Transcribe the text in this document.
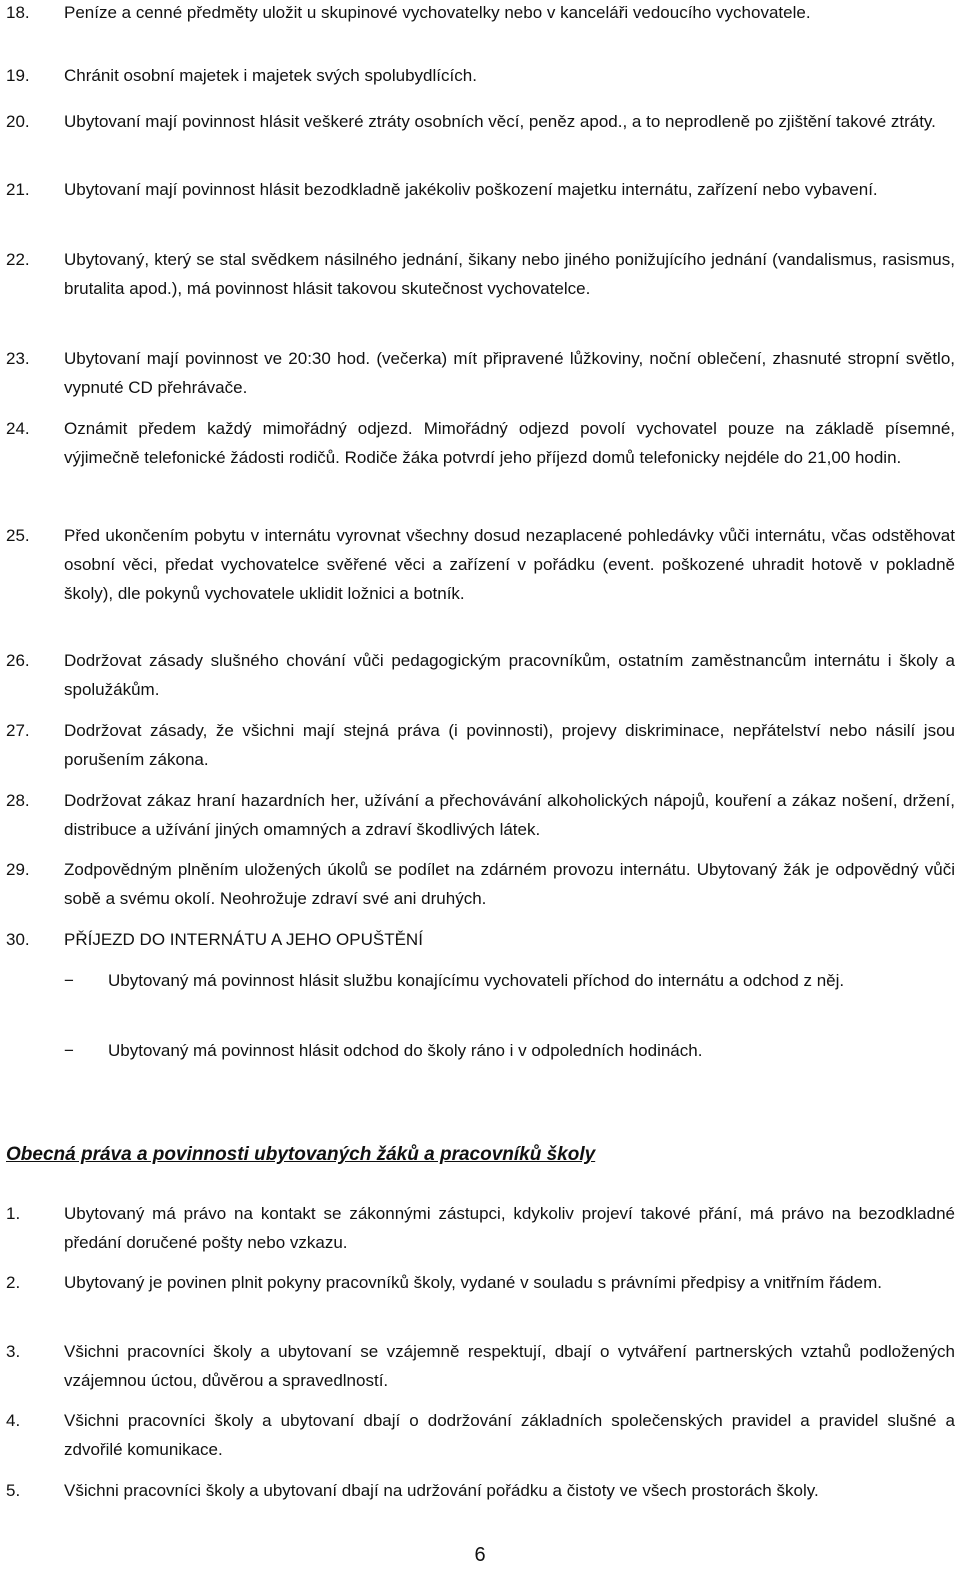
18.	Peníze a cenné předměty uložit u skupinové vychovatelky nebo v kanceláři vedoucího vychovatele.
19.	Chránit osobní majetek i majetek svých spolubydlících.
20.	Ubytovaní mají povinnost hlásit veškeré ztráty osobních věcí, peněz apod., a to neprodleně po zjištění takové ztráty.
21.	Ubytovaní mají povinnost hlásit bezodkladně jakékoliv poškození majetku internátu, zařízení nebo vybavení.
22.	Ubytovaný, který se stal svědkem násilného jednání, šikany nebo jiného ponižujícího jednání (vandalismus, rasismus, brutalita apod.), má povinnost hlásit takovou skutečnost vychovatelce.
23.	Ubytovaní mají povinnost ve 20:30 hod. (večerka) mít připravené lůžkoviny, noční oblečení, zhasnuté stropní světlo, vypnuté CD přehrávače.
24.	Oznámit předem každý mimořádný odjezd. Mimořádný odjezd povolí vychovatel pouze na základě písemné, výjimečně telefonické žádosti rodičů. Rodiče žáka potvrdí jeho příjezd domů telefonicky nejdéle do 21,00 hodin.
25.	Před ukončením pobytu v internátu vyrovnat všechny dosud nezaplacené pohledávky vůči internátu, včas odstěhovat osobní věci, předat vychovatelce svěřené věci a zařízení v pořádku (event. poškozené uhradit hotově v pokladně školy), dle pokynů vychovatele uklidit ložnici a botník.
26.	Dodržovat zásady slušného chování vůči pedagogickým pracovníkům, ostatním zaměstnancům internátu i školy a spolužákům.
27.	Dodržovat zásady, že všichni mají stejná práva (i povinnosti), projevy diskriminace, nepřátelství nebo násilí jsou porušením zákona.
28.	Dodržovat zákaz hraní hazardních her, užívání a přechovávání alkoholických nápojů, kouření a zákaz nošení, držení, distribuce a užívání jiných omamných a zdraví škodlivých látek.
29.	Zodpovědným plněním uložených úkolů se podílet na zdárném provozu internátu. Ubytovaný žák je odpovědný vůči sobě a svému okolí. Neohrožuje zdraví své ani druhých.
30.	PŘÍJEZD DO INTERNÁTU A JEHO OPUŠTĚNÍ
− Ubytovaný má povinnost hlásit službu konajícímu vychovateli příchod do internátu a odchod z něj.
− Ubytovaný má povinnost hlásit odchod do školy ráno i v odpoledních hodinách.
Obecná práva a povinnosti ubytovaných žáků a pracovníků školy
1.	Ubytovaný má právo na kontakt se zákonnými zástupci, kdykoliv projeví takové přání, má právo na bezodkladné předání doručené pošty nebo vzkazu.
2.	Ubytovaný je povinen plnit pokyny pracovníků školy, vydané v souladu s právními předpisy a vnitřním řádem.
3.	Všichni pracovníci školy a ubytovaní se vzájemně respektují, dbají o vytváření partnerských vztahů podložených vzájemnou úctou, důvěrou a spravedlností.
4.	Všichni pracovníci školy a ubytovaní dbají o dodržování základních společenských pravidel a pravidel slušné a zdvořilé komunikace.
5.	Všichni pracovníci školy a ubytovaní dbají na udržování pořádku a čistoty ve všech prostorách školy.
6
